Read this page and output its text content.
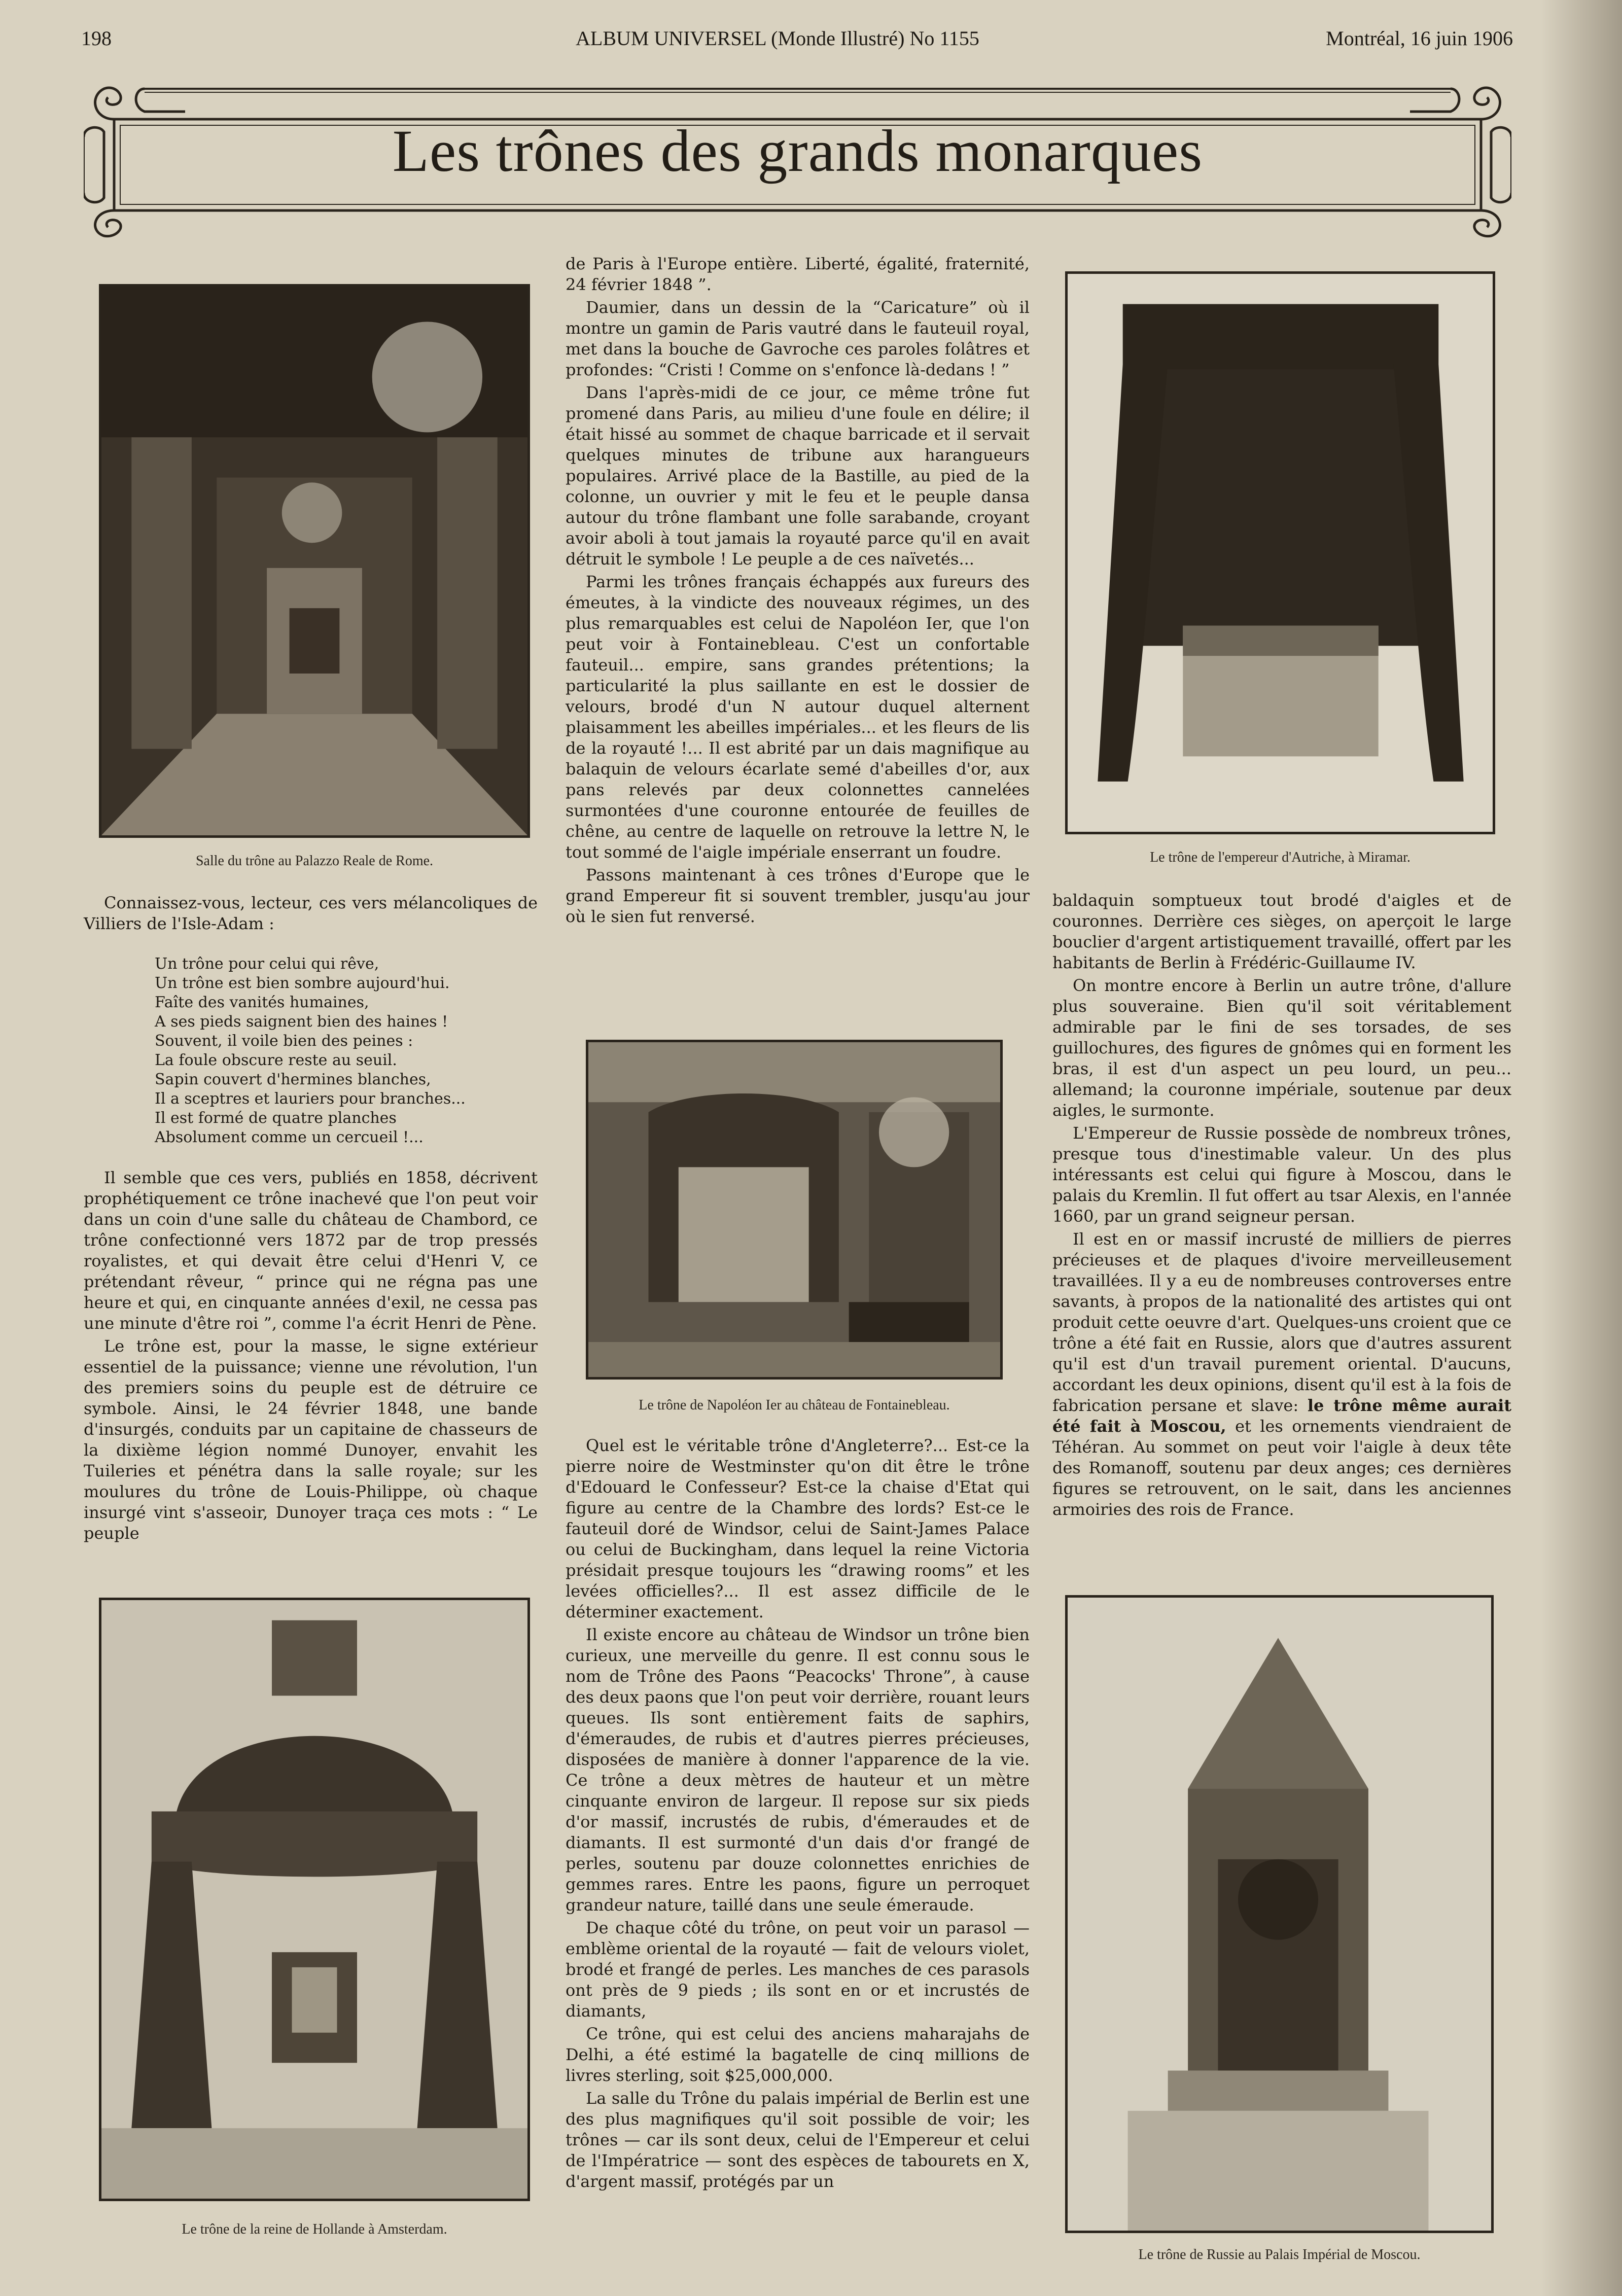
198	ALBUM UNIVERSEL (Monde Illustré) No 1155	Montréal, 16 juin 1906
Les trônes des grands monarques
Salle du trône au Palazzo Reale de Rome.

Connaissez-vous, lecteur, ces vers mélancoliques de Villiers de l'Isle-Adam :

Un trône pour celui qui rêve,
Un trône est bien sombre aujourd'hui.
Faîte des vanités humaines,
A ses pieds saignent bien des haines !
Souvent, il voile bien des peines :
La foule obscure reste au seuil.
Sapin couvert d'hermines blanches,
Il a sceptres et lauriers pour branches...
Il est formé de quatre planches
Absolument comme un cercueil !...

Il semble que ces vers, publiés en 1858, décrivent prophétiquement ce trône inachevé que l'on peut voir dans un coin d'une salle du château de Chambord, ce trône confectionné vers 1872 par de trop pressés royalistes, et qui devait être celui d'Henri V, ce prétendant rêveur, “ prince qui ne régna pas une heure et qui, en cinquante années d'exil, ne cessa pas une minute d'être roi ”, comme l'a écrit Henri de Pène.

Le trône est, pour la masse, le signe extérieur essentiel de la puissance; vienne une révolution, l'un des premiers soins du peuple est de détruire ce symbole. Ainsi, le 24 février 1848, une bande d'insurgés, conduits par un capitaine de chasseurs de la dixième légion nommé Dunoyer, envahit les Tuileries et pénétra dans la salle royale; sur les moulures du trône de Louis-Philippe, où chaque insurgé vint s'asseoir, Dunoyer traça ces mots : “ Le peuple

Le trône de la reine de Hollande à Amsterdam.

de Paris à l'Europe entière. Liberté, égalité, fraternité, 24 février 1848 ”.

Daumier, dans un dessin de la “Caricature” où il montre un gamin de Paris vautré dans le fauteuil royal, met dans la bouche de Gavroche ces paroles folâtres et profondes: “Cristi ! Comme on s'enfonce là-dedans ! ”

Dans l'après-midi de ce jour, ce même trône fut promené dans Paris, au milieu d'une foule en délire; il était hissé au sommet de chaque barricade et il servait quelques minutes de tribune aux harangueurs populaires. Arrivé place de la Bastille, au pied de la colonne, un ouvrier y mit le feu et le peuple dansa autour du trône flambant une folle sarabande, croyant avoir aboli à tout jamais la royauté parce qu'il en avait détruit le symbole ! Le peuple a de ces naïvetés...

Parmi les trônes français échappés aux fureurs des émeutes, à la vindicte des nouveaux régimes, un des plus remarquables est celui de Napoléon Ier, que l'on peut voir à Fontainebleau. C'est un confortable fauteuil... empire, sans grandes prétentions; la particularité la plus saillante en est le dossier de velours, brodé d'un N autour duquel alternent plaisamment les abeilles impériales... et les fleurs de lis de la royauté !... Il est abrité par un dais magnifique au balaquin de velours écarlate semé d'abeilles d'or, aux pans relevés par deux colonnettes cannelées surmontées d'une couronne entourée de feuilles de chêne, au centre de laquelle on retrouve la lettre N, le tout sommé de l'aigle impériale enserrant un foudre.

Passons maintenant à ces trônes d'Europe que le grand Empereur fit si souvent trembler, jusqu'au jour où le sien fut renversé.

Le trône de Napoléon Ier au château de Fontainebleau.

Quel est le véritable trône d'Angleterre?... Est-ce la pierre noire de Westminster qu'on dit être le trône d'Edouard le Confesseur? Est-ce la chaise d'Etat qui figure au centre de la Chambre des lords? Est-ce le fauteuil doré de Windsor, celui de Saint-James Palace ou celui de Buckingham, dans lequel la reine Victoria présidait presque toujours les “drawing rooms” et les levées officielles?... Il est assez difficile de le déterminer exactement.

Il existe encore au château de Windsor un trône bien curieux, une merveille du genre. Il est connu sous le nom de Trône des Paons “Peacocks' Throne”, à cause des deux paons que l'on peut voir derrière, rouant leurs queues. Ils sont entièrement faits de saphirs, d'émeraudes, de rubis et d'autres pierres précieuses, disposées de manière à donner l'apparence de la vie. Ce trône a deux mètres de hauteur et un mètre cinquante environ de largeur. Il repose sur six pieds d'or massif, incrustés de rubis, d'émeraudes et de diamants. Il est surmonté d'un dais d'or frangé de perles, soutenu par douze colonnettes enrichies de gemmes rares. Entre les paons, figure un perroquet grandeur nature, taillé dans une seule émeraude.

De chaque côté du trône, on peut voir un parasol — emblème oriental de la royauté — fait de velours violet, brodé et frangé de perles. Les manches de ces parasols ont près de 9 pieds ; ils sont en or et incrustés de diamants,

Ce trône, qui est celui des anciens maharajahs de Delhi, a été estimé la bagatelle de cinq millions de livres sterling, soit $25,000,000.

La salle du Trône du palais impérial de Berlin est une des plus magnifiques qu'il soit possible de voir; les trônes — car ils sont deux, celui de l'Empereur et celui de l'Impératrice — sont des espèces de tabourets en X, d'argent massif, protégés par un

Le trône de l'empereur d'Autriche, à Miramar.

baldaquin somptueux tout brodé d'aigles et de couronnes. Derrière ces sièges, on aperçoit le large bouclier d'argent artistiquement travaillé, offert par les habitants de Berlin à Frédéric-Guillaume IV.

On montre encore à Berlin un autre trône, d'allure plus souveraine. Bien qu'il soit véritablement admirable par le fini de ses torsades, de ses guillochures, des figures de gnômes qui en forment les bras, il est d'un aspect un peu lourd, un peu... allemand; la couronne impériale, soutenue par deux aigles, le surmonte.

L'Empereur de Russie possède de nombreux trônes, presque tous d'inestimable valeur. Un des plus intéressants est celui qui figure à Moscou, dans le palais du Kremlin. Il fut offert au tsar Alexis, en l'année 1660, par un grand seigneur persan.

Il est en or massif incrusté de milliers de pierres précieuses et de plaques d'ivoire merveilleusement travaillées. Il y a eu de nombreuses controverses entre savants, à propos de la nationalité des artistes qui ont produit cette oeuvre d'art. Quelques-uns croient que ce trône a été fait en Russie, alors que d'autres assurent qu'il est d'un travail purement oriental. D'aucuns, accordant les deux opinions, disent qu'il est à la fois de fabrication persane et slave: le trône même aurait été fait à Moscou, et les ornements viendraient de Téhéran. Au sommet on peut voir l'aigle à deux tête des Romanoff, soutenu par deux anges; ces dernières figures se retrouvent, on le sait, dans les anciennes armoiries des rois de France.

Le trône de Russie au Palais Impérial de Moscou.
